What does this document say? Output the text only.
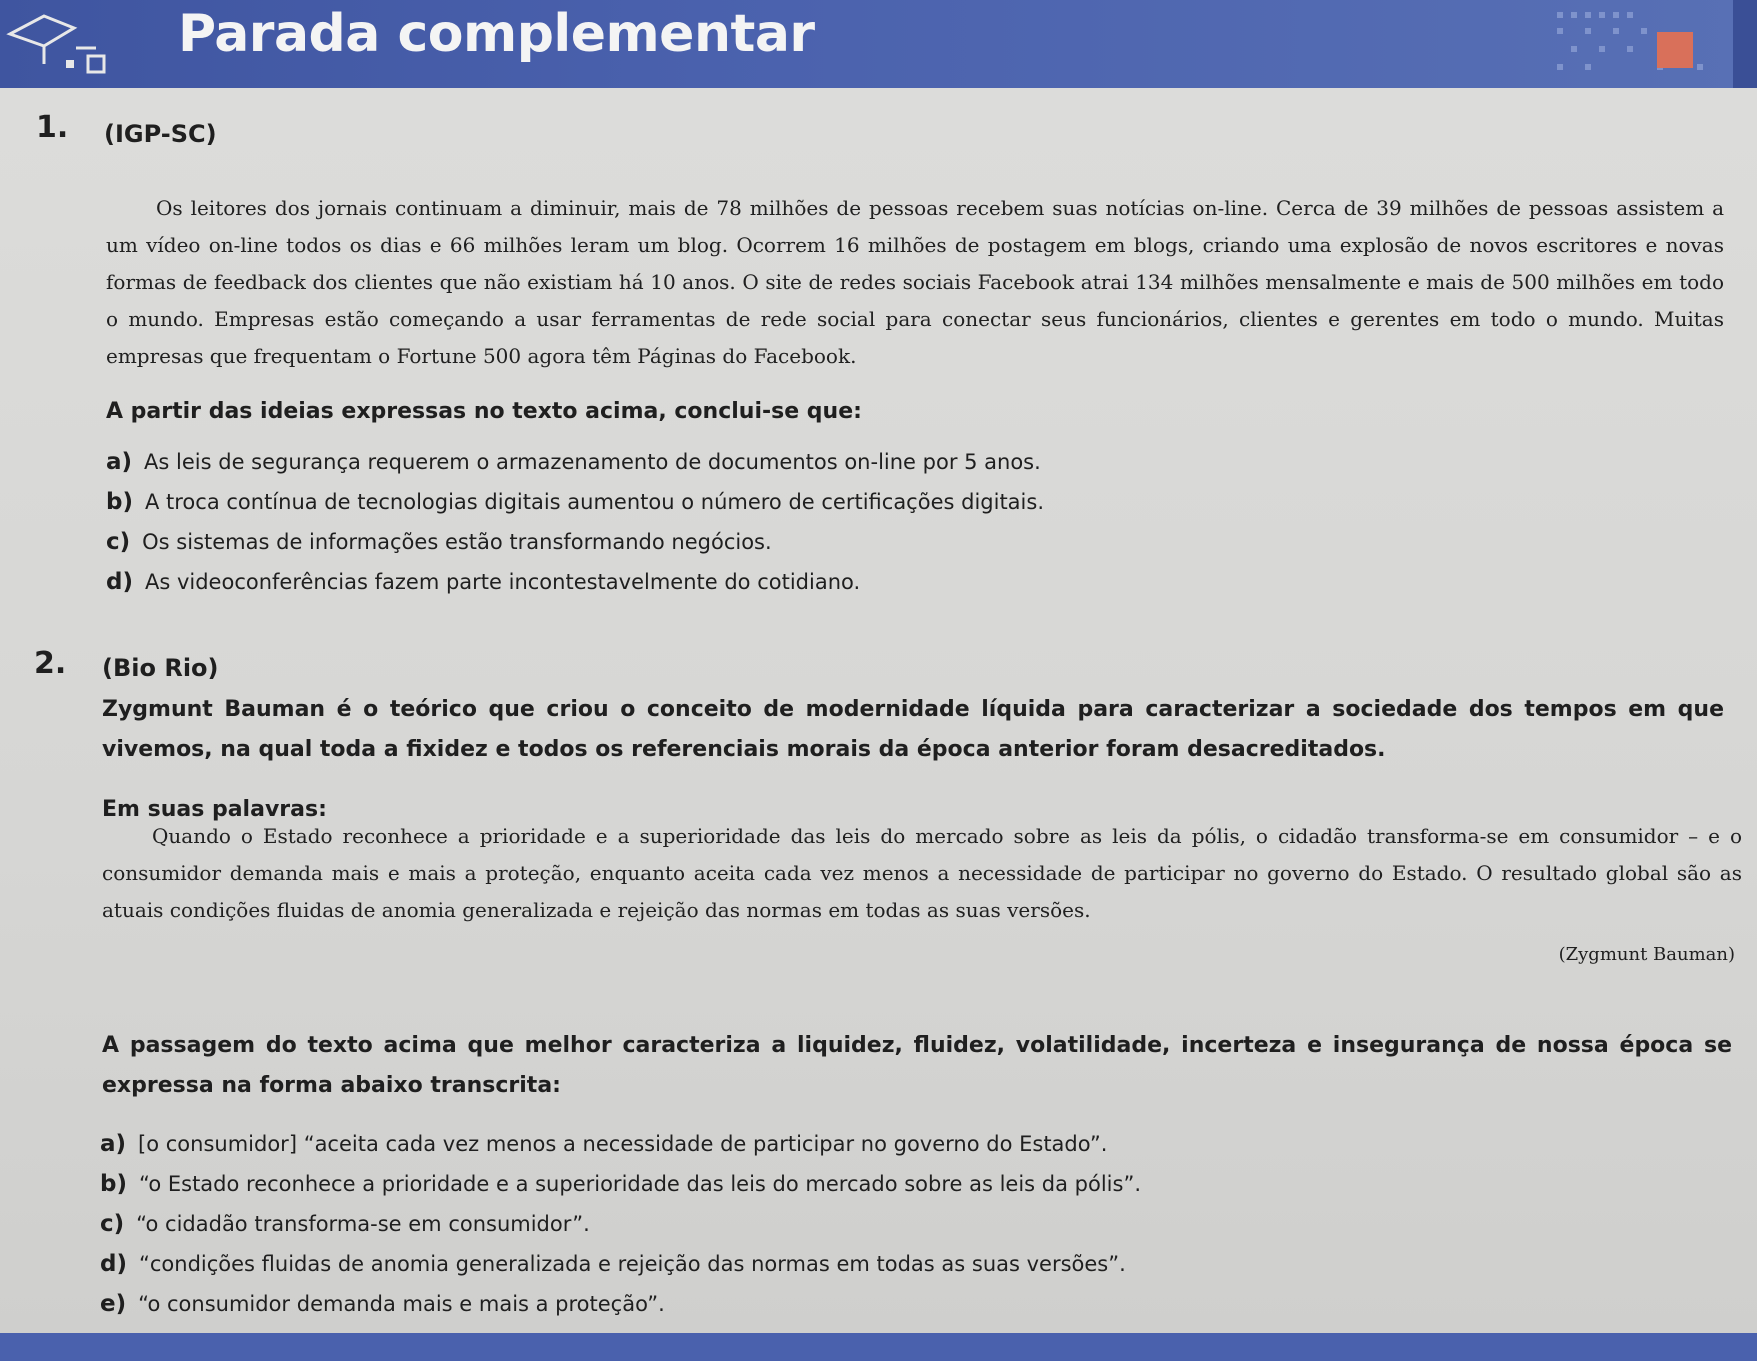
Parada complementar
1. (IGP-SC)

Os leitores dos jornais continuam a diminuir, mais de 78 milhões de pessoas recebem suas notícias on-line. Cerca de 39 milhões de pessoas assistem a um vídeo on-line todos os dias e 66 milhões leram um blog. Ocorrem 16 milhões de postagem em blogs, criando uma explosão de novos escritores e novas formas de feedback dos clientes que não existiam há 10 anos. O site de redes sociais Facebook atrai 134 milhões mensalmente e mais de 500 milhões em todo o mundo. Empresas estão começando a usar ferramentas de rede social para conectar seus funcionários, clientes e gerentes em todo o mundo. Muitas empresas que frequentam o Fortune 500 agora têm Páginas do Facebook.

A partir das ideias expressas no texto acima, conclui-se que:
a) As leis de segurança requerem o armazenamento de documentos on-line por 5 anos.
b) A troca contínua de tecnologias digitais aumentou o número de certificações digitais.
c) Os sistemas de informações estão transformando negócios.
d) As videoconferências fazem parte incontestavelmente do cotidiano.
2. (Bio Rio)
Zygmunt Bauman é o teórico que criou o conceito de modernidade líquida para caracterizar a sociedade dos tempos em que vivemos, na qual toda a fixidez e todos os referenciais morais da época anterior foram desacreditados.
Em suas palavras:

Quando o Estado reconhece a prioridade e a superioridade das leis do mercado sobre as leis da pólis, o cidadão transforma-se em consumidor – e o consumidor demanda mais e mais a proteção, enquanto aceita cada vez menos a necessidade de participar no governo do Estado. O resultado global são as atuais condições fluidas de anomia generalizada e rejeição das normas em todas as suas versões.

(Zygmunt Bauman)
A passagem do texto acima que melhor caracteriza a liquidez, fluidez, volatilidade, incerteza e insegurança de nossa época se expressa na forma abaixo transcrita:
a) [o consumidor] “aceita cada vez menos a necessidade de participar no governo do Estado”.
b) “o Estado reconhece a prioridade e a superioridade das leis do mercado sobre as leis da pólis”.
c) “o cidadão transforma-se em consumidor”.
d) “condições fluidas de anomia generalizada e rejeição das normas em todas as suas versões”.
e) “o consumidor demanda mais e mais a proteção”.
